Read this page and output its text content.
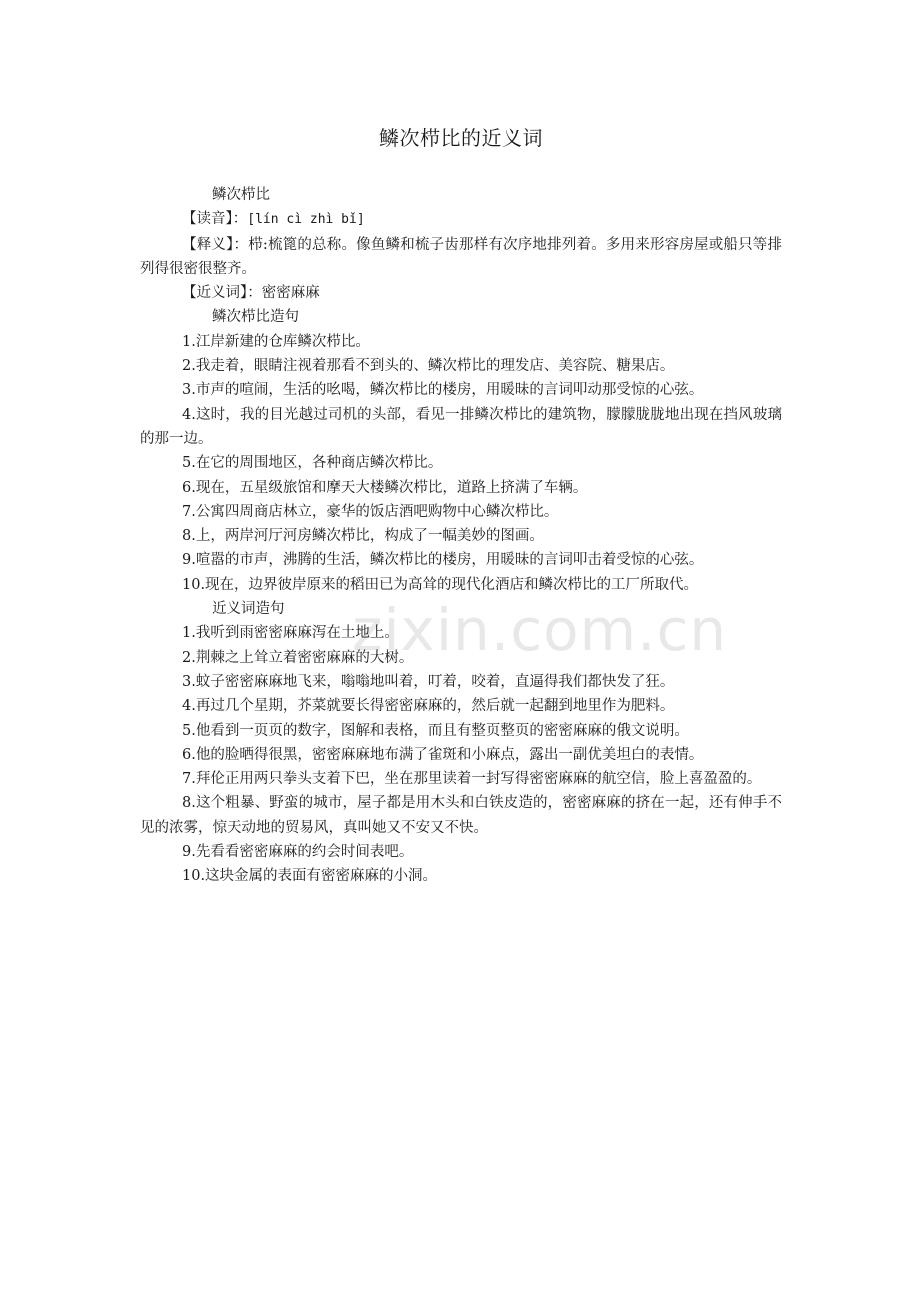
鳞次栉比的近义词

鳞次栉比

【读音】：[lín cì zhì bǐ]

【释义】：栉:梳篦的总称。像鱼鳞和梳子齿那样有次序地排列着。多用来形容房屋或船只等排列得很密很整齐。

【近义词】：密密麻麻

鳞次栉比造句

1.江岸新建的仓库鳞次栉比。

2.我走着，眼睛注视着那看不到头的、鳞次栉比的理发店、美容院、糖果店。

3.市声的喧闹，生活的吆喝，鳞次栉比的楼房，用暖昧的言词叩动那受惊的心弦。

4.这时，我的目光越过司机的头部，看见一排鳞次栉比的建筑物，朦朦胧胧地出现在挡风玻璃的那一边。

5.在它的周围地区，各种商店鳞次栉比。

6.现在，五星级旅馆和摩天大楼鳞次栉比，道路上挤满了车辆。

7.公寓四周商店林立，豪华的饭店酒吧购物中心鳞次栉比。

8.上，两岸河厅河房鳞次栉比，构成了一幅美妙的图画。

9.喧嚣的市声，沸腾的生活，鳞次栉比的楼房，用暖昧的言词叩击着受惊的心弦。

10.现在，边界彼岸原来的稻田已为高耸的现代化酒店和鳞次栉比的工厂所取代。

近义词造句

1.我听到雨密密麻麻泻在土地上。

2.荆棘之上耸立着密密麻麻的大树。

3.蚊子密密麻麻地飞来，嗡嗡地叫着，叮着，咬着，直逼得我们都快发了狂。

4.再过几个星期，芥菜就要长得密密麻麻的，然后就一起翻到地里作为肥料。

5.他看到一页页的数字，图解和表格，而且有整页整页的密密麻麻的俄文说明。

6.他的脸晒得很黑，密密麻麻地布满了雀斑和小麻点，露出一副优美坦白的表情。

7.拜伦正用两只拳头支着下巴，坐在那里读着一封写得密密麻麻的航空信，脸上喜盈盈的。

8.这个粗暴、野蛮的城市，屋子都是用木头和白铁皮造的，密密麻麻的挤在一起，还有伸手不见的浓雾，惊天动地的贸易风，真叫她又不安又不快。

9.先看看密密麻麻的约会时间表吧。

10.这块金属的表面有密密麻麻的小洞。

zixin.com.cn
